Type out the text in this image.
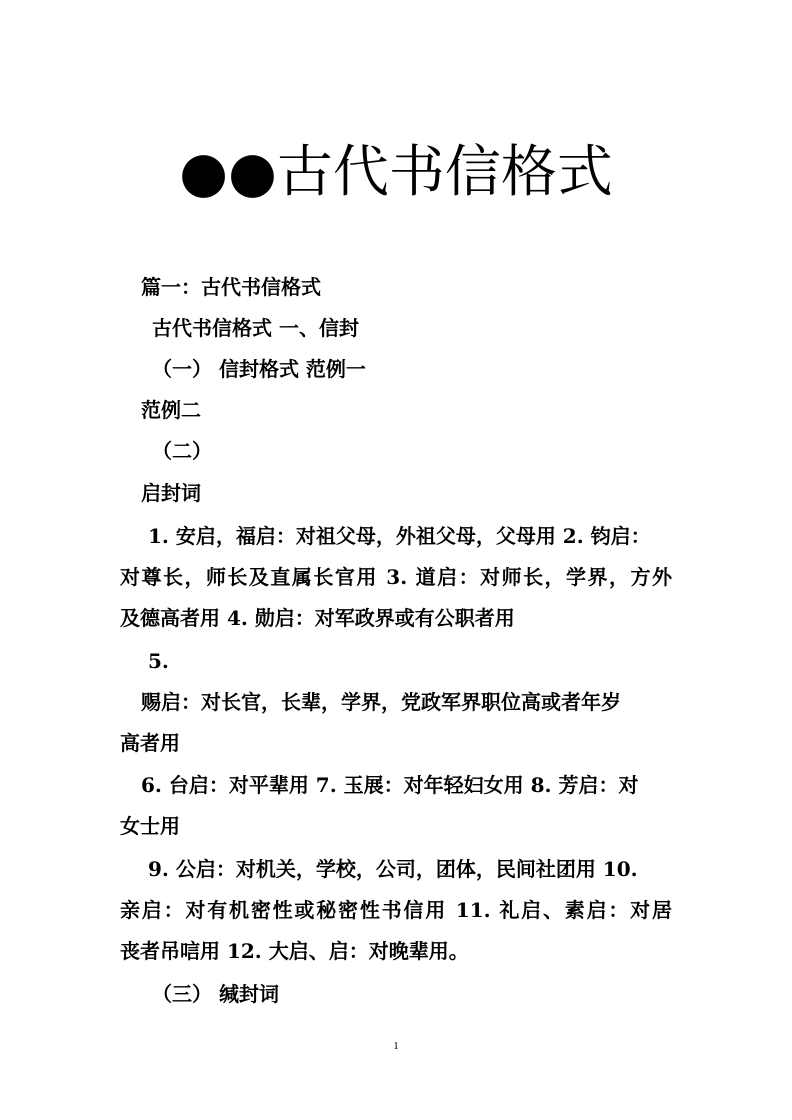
●●古代书信格式
篇一：古代书信格式
古代书信格式 一、信封
（一） 信封格式 范例一
范例二
（二）
启封词
1. 安启，福启：对祖父母，外祖父母，父母用 2. 钧启：
对尊长，师长及直属长官用 3. 道启：对师长，学界，方外
及德高者用 4. 勋启：对军政界或有公职者用
5.
赐启：对长官，长辈，学界，党政军界职位高或者年岁
高者用
6. 台启：对平辈用 7. 玉展：对年轻妇女用 8. 芳启：对
女士用
9. 公启：对机关，学校，公司，团体，民间社团用 10.
亲启：对有机密性或秘密性书信用 11. 礼启、素启：对居
丧者吊唁用 12. 大启、启：对晚辈用。
（三） 缄封词
1
